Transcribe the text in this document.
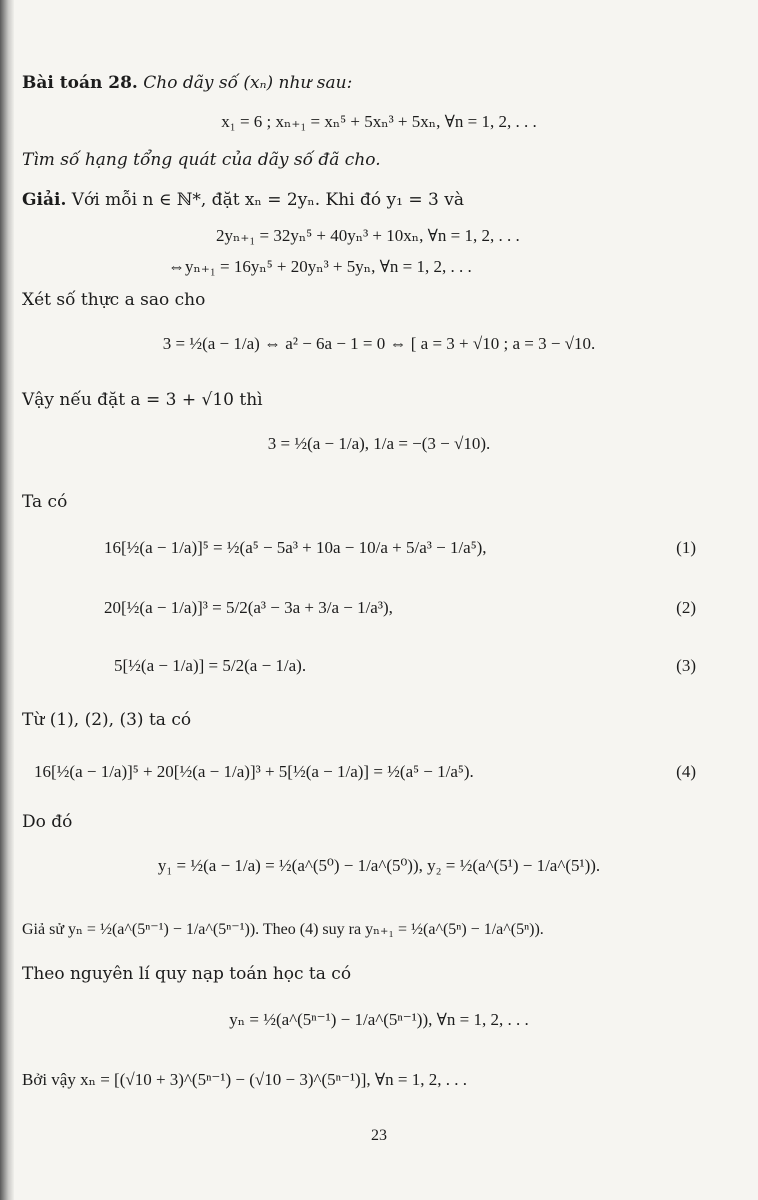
Bài toán 28. Cho dãy số (xₙ) như sau:
x₁ = 6 ; xₙ₊₁ = xₙ⁵ + 5xₙ³ + 5xₙ, ∀n = 1, 2, . . .
Tìm số hạng tổng quát của dãy số đã cho.
Giải. Với mỗi n ∈ ℕ*, đặt xₙ = 2yₙ. Khi đó y₁ = 3 và
2yₙ₊₁ = 32yₙ⁵ + 40yₙ³ + 10xₙ, ∀n = 1, 2, . . .
⇔yₙ₊₁ = 16yₙ⁵ + 20yₙ³ + 5yₙ, ∀n = 1, 2, . . .
Xét số thực a sao cho
3 = ½(a − 1/a) ⇔ a² − 6a − 1 = 0 ⇔ [ a = 3 + √10 ; a = 3 − √10.
Vậy nếu đặt a = 3 + √10 thì
3 = ½(a − 1/a), 1/a = −(3 − √10).
Ta có
16[½(a − 1/a)]⁵ = ½(a⁵ − 5a³ + 10a − 10/a + 5/a³ − 1/a⁵),	(1)
20[½(a − 1/a)]³ = 5/2(a³ − 3a + 3/a − 1/a³),	(2)
5[½(a − 1/a)] = 5/2(a − 1/a).	(3)
Từ (1), (2), (3) ta có
16[½(a − 1/a)]⁵ + 20[½(a − 1/a)]³ + 5[½(a − 1/a)] = ½(a⁵ − 1/a⁵).	(4)
Do đó
y₁ = ½(a − 1/a) = ½(a^(5⁰) − 1/a^(5⁰)), y₂ = ½(a^(5¹) − 1/a^(5¹)).
Giả sử yₙ = ½(a^(5ⁿ⁻¹) − 1/a^(5ⁿ⁻¹)). Theo (4) suy ra yₙ₊₁ = ½(a^(5ⁿ) − 1/a^(5ⁿ)).
Theo nguyên lí quy nạp toán học ta có
yₙ = ½(a^(5ⁿ⁻¹) − 1/a^(5ⁿ⁻¹)), ∀n = 1, 2, . . .
Bởi vậy xₙ = [(√10 + 3)^(5ⁿ⁻¹) − (√10 − 3)^(5ⁿ⁻¹)], ∀n = 1, 2, . . .
23
